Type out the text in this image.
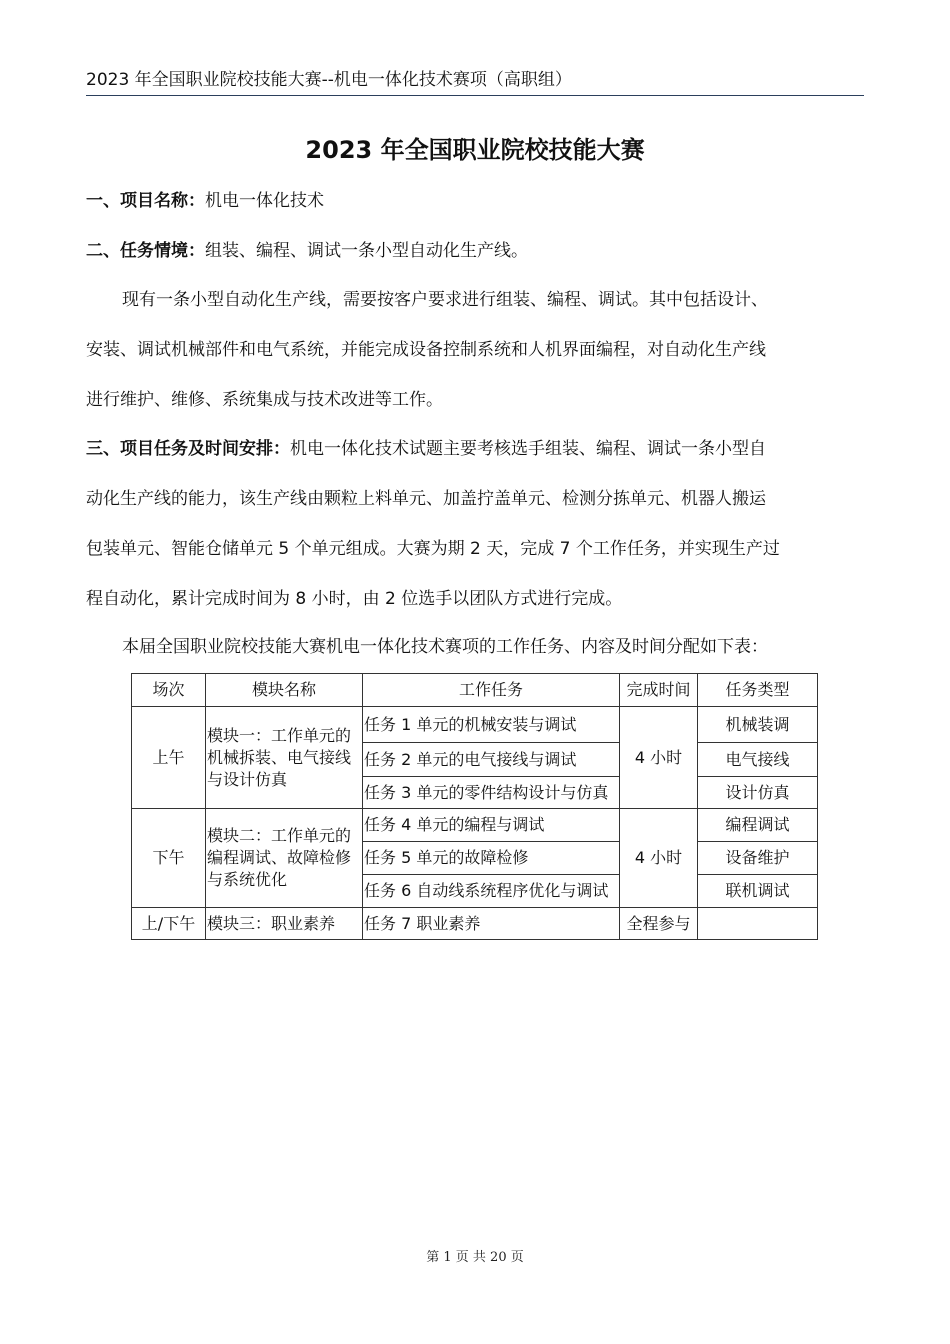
2023 年全国职业院校技能大赛--机电一体化技术赛项（高职组）
2023 年全国职业院校技能大赛
一、项目名称：机电一体化技术
二、任务情境：组装、编程、调试一条小型自动化生产线。
现有一条小型自动化生产线，需要按客户要求进行组装、编程、调试。其中包括设计、
安装、调试机械部件和电气系统，并能完成设备控制系统和人机界面编程，对自动化生产线
进行维护、维修、系统集成与技术改进等工作。
三、项目任务及时间安排：机电一体化技术试题主要考核选手组装、编程、调试一条小型自
动化生产线的能力，该生产线由颗粒上料单元、加盖拧盖单元、检测分拣单元、机器人搬运
包装单元、智能仓储单元 5 个单元组成。大赛为期 2 天，完成 7 个工作任务，并实现生产过
程自动化，累计完成时间为 8 小时，由 2 位选手以团队方式进行完成。
本届全国职业院校技能大赛机电一体化技术赛项的工作任务、内容及时间分配如下表：
场次	模块名称	工作任务	完成时间	任务类型
上午	模块一：工作单元的机械拆装、电气接线与设计仿真	任务 1 单元的机械安装与调试	4 小时	机械装调
		任务 2 单元的电气接线与调试		电气接线
		任务 3 单元的零件结构设计与仿真		设计仿真
下午	模块二：工作单元的编程调试、故障检修与系统优化	任务 4 单元的编程与调试	4 小时	编程调试
		任务 5 单元的故障检修		设备维护
		任务 6 自动线系统程序优化与调试		联机调试
上/下午	模块三：职业素养	任务 7 职业素养	全程参与	
第 1 页 共 20 页
